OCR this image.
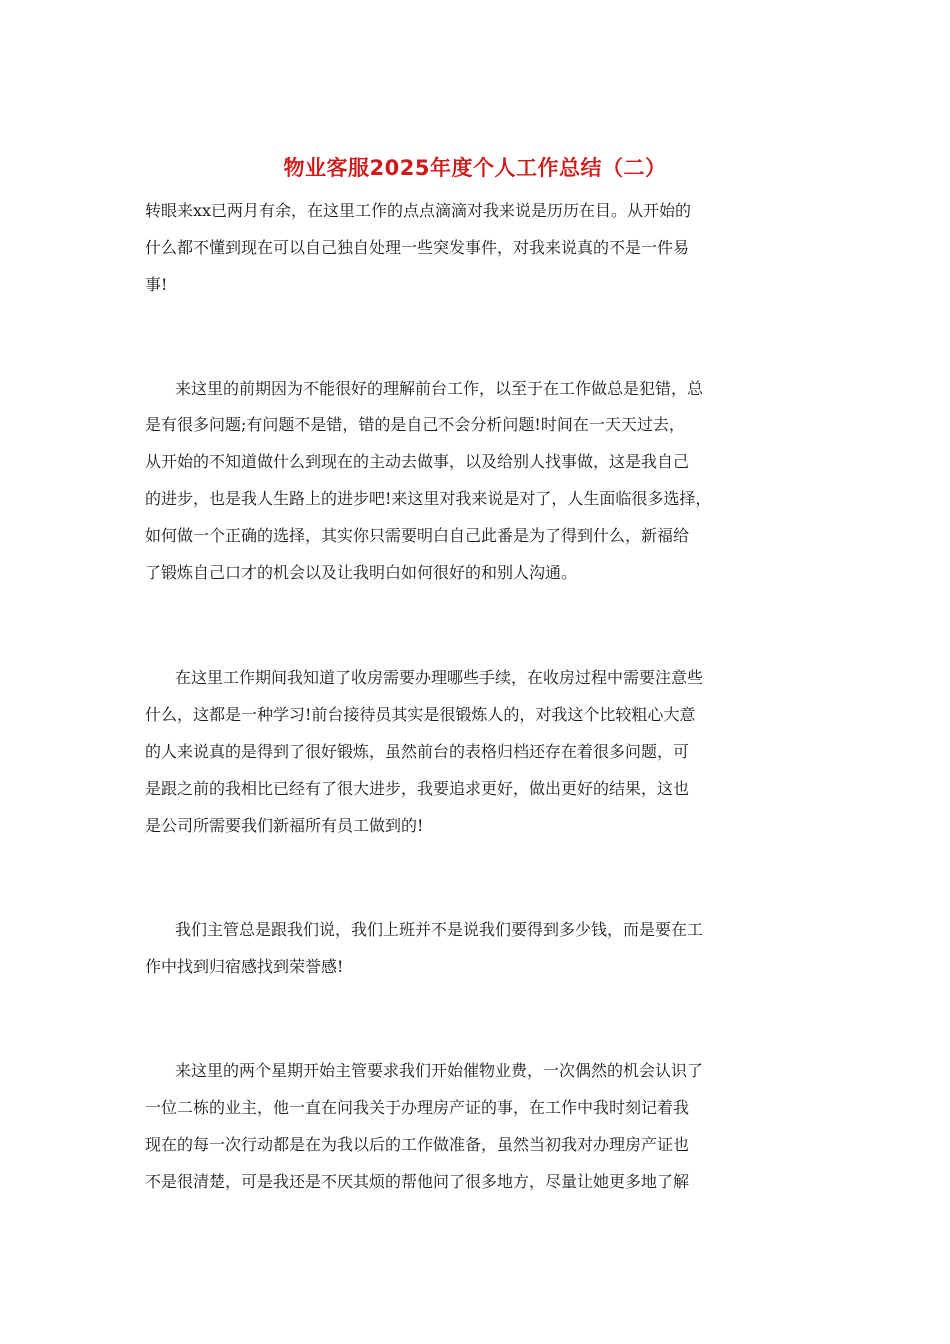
物业客服2025年度个人工作总结（二）

转眼来xx已两月有余，在这里工作的点点滴滴对我来说是历历在目。从开始的

什么都不懂到现在可以自己独自处理一些突发事件，对我来说真的不是一件易

事!

来这里的前期因为不能很好的理解前台工作，以至于在工作做总是犯错，总

是有很多问题;有问题不是错，错的是自己不会分析问题!时间在一天天过去，

从开始的不知道做什么到现在的主动去做事，以及给别人找事做，这是我自己

的进步，也是我人生路上的进步吧!来这里对我来说是对了，人生面临很多选择，

如何做一个正确的选择，其实你只需要明白自己此番是为了得到什么，新福给

了锻炼自己口才的机会以及让我明白如何很好的和别人沟通。

在这里工作期间我知道了收房需要办理哪些手续，在收房过程中需要注意些

什么，这都是一种学习!前台接待员其实是很锻炼人的，对我这个比较粗心大意

的人来说真的是得到了很好锻炼，虽然前台的表格归档还存在着很多问题，可

是跟之前的我相比已经有了很大进步，我要追求更好，做出更好的结果，这也

是公司所需要我们新福所有员工做到的!

我们主管总是跟我们说，我们上班并不是说我们要得到多少钱，而是要在工

作中找到归宿感找到荣誉感!

来这里的两个星期开始主管要求我们开始催物业费，一次偶然的机会认识了

一位二栋的业主，他一直在问我关于办理房产证的事，在工作中我时刻记着我

现在的每一次行动都是在为我以后的工作做准备，虽然当初我对办理房产证也

不是很清楚，可是我还是不厌其烦的帮他问了很多地方，尽量让她更多地了解
